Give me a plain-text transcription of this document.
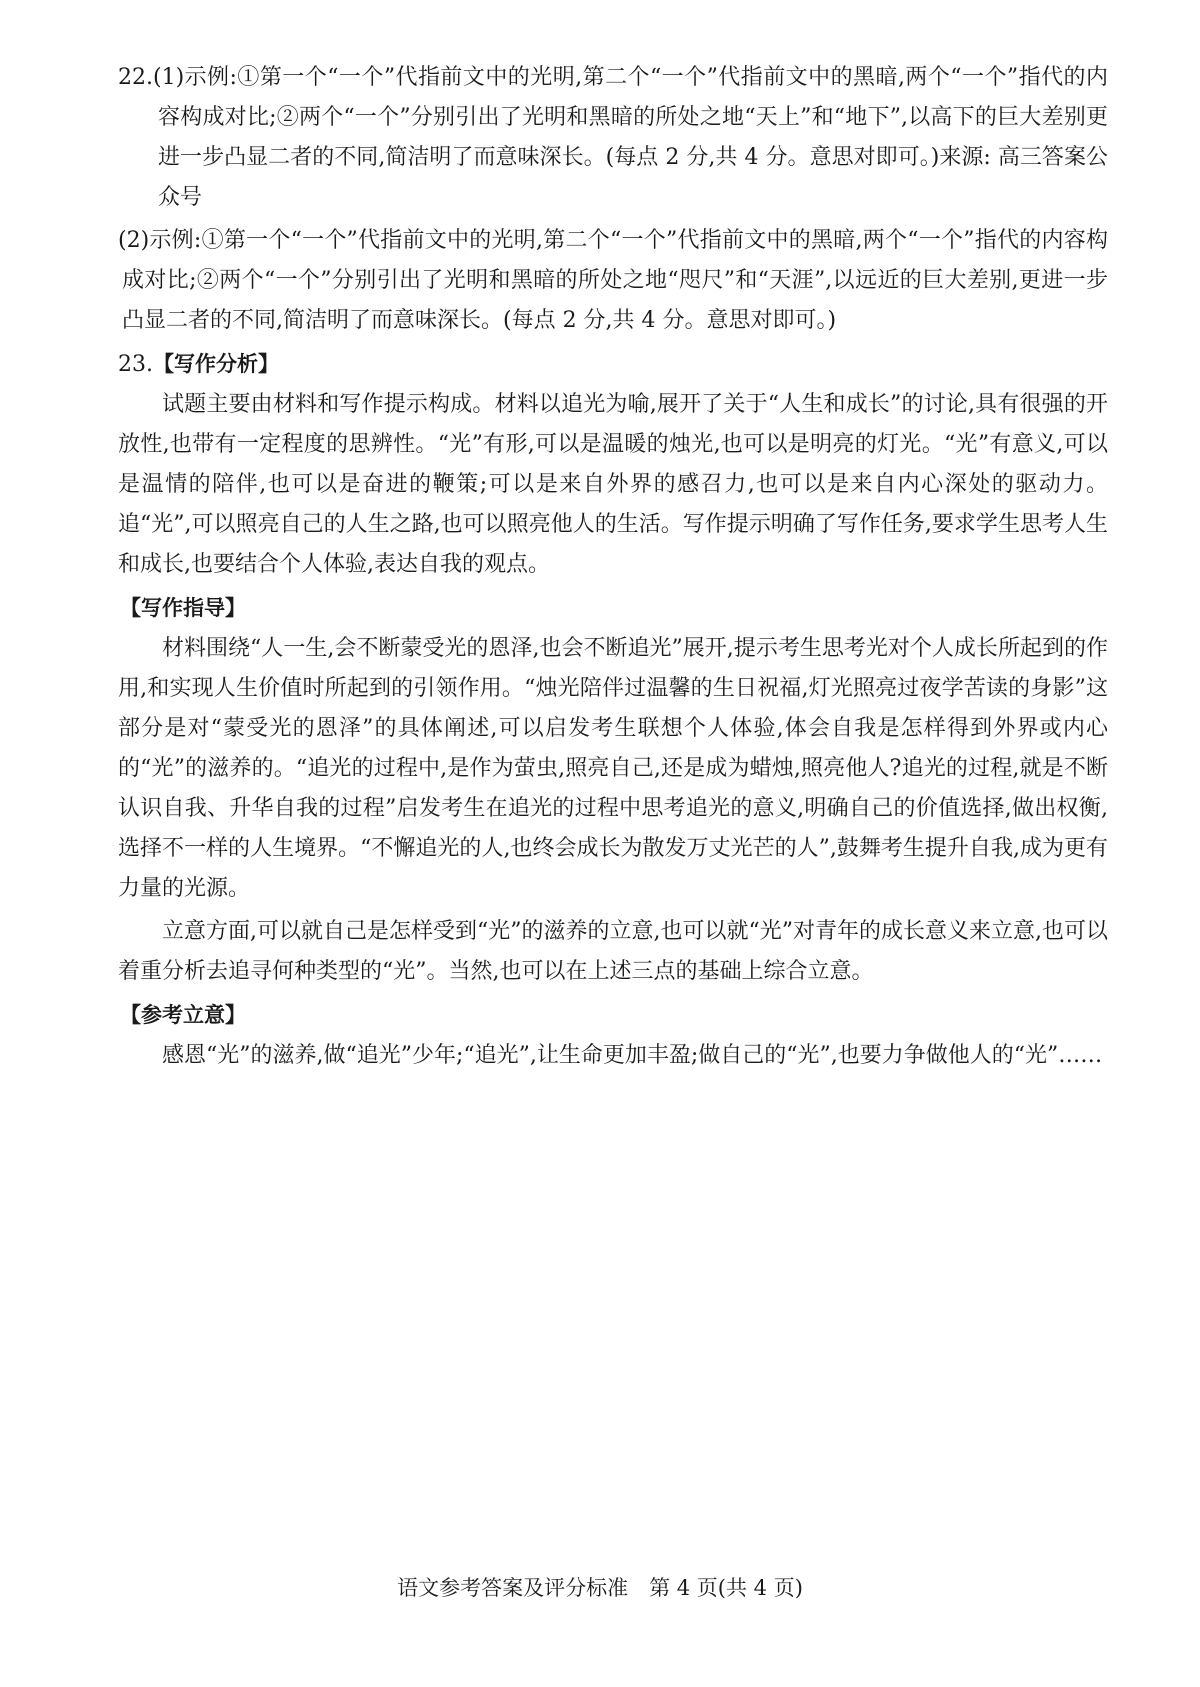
22.(1)示例:①第一个“一个”代指前文中的光明,第二个“一个”代指前文中的黑暗,两个“一个”指代的内容构成对比;②两个“一个”分别引出了光明和黑暗的所处之地“天上”和“地下”,以高下的巨大差别更进一步凸显二者的不同,简洁明了而意味深长。(每点 2 分,共 4 分。意思对即可。)来源: 高三答案公众号

(2)示例:①第一个“一个”代指前文中的光明,第二个“一个”代指前文中的黑暗,两个“一个”指代的内容构成对比;②两个“一个”分别引出了光明和黑暗的所处之地“咫尺”和“天涯”,以远近的巨大差别,更进一步凸显二者的不同,简洁明了而意味深长。(每点 2 分,共 4 分。意思对即可。)

23.【写作分析】

试题主要由材料和写作提示构成。材料以追光为喻,展开了关于“人生和成长”的讨论,具有很强的开放性,也带有一定程度的思辨性。“光”有形,可以是温暖的烛光,也可以是明亮的灯光。“光”有意义,可以是温情的陪伴,也可以是奋进的鞭策;可以是来自外界的感召力,也可以是来自内心深处的驱动力。追“光”,可以照亮自己的人生之路,也可以照亮他人的生活。写作提示明确了写作任务,要求学生思考人生和成长,也要结合个人体验,表达自我的观点。

【写作指导】

材料围绕“人一生,会不断蒙受光的恩泽,也会不断追光”展开,提示考生思考光对个人成长所起到的作用,和实现人生价值时所起到的引领作用。“烛光陪伴过温馨的生日祝福,灯光照亮过夜学苦读的身影”这部分是对“蒙受光的恩泽”的具体阐述,可以启发考生联想个人体验,体会自我是怎样得到外界或内心的“光”的滋养的。“追光的过程中,是作为萤虫,照亮自己,还是成为蜡烛,照亮他人?追光的过程,就是不断认识自我、升华自我的过程”启发考生在追光的过程中思考追光的意义,明确自己的价值选择,做出权衡,选择不一样的人生境界。“不懈追光的人,也终会成长为散发万丈光芒的人”,鼓舞考生提升自我,成为更有力量的光源。

立意方面,可以就自己是怎样受到“光”的滋养的立意,也可以就“光”对青年的成长意义来立意,也可以着重分析去追寻何种类型的“光”。当然,也可以在上述三点的基础上综合立意。

【参考立意】

感恩“光”的滋养,做“追光”少年;“追光”,让生命更加丰盈;做自己的“光”,也要力争做他人的“光”……

语文参考答案及评分标准　第 4 页(共 4 页)
